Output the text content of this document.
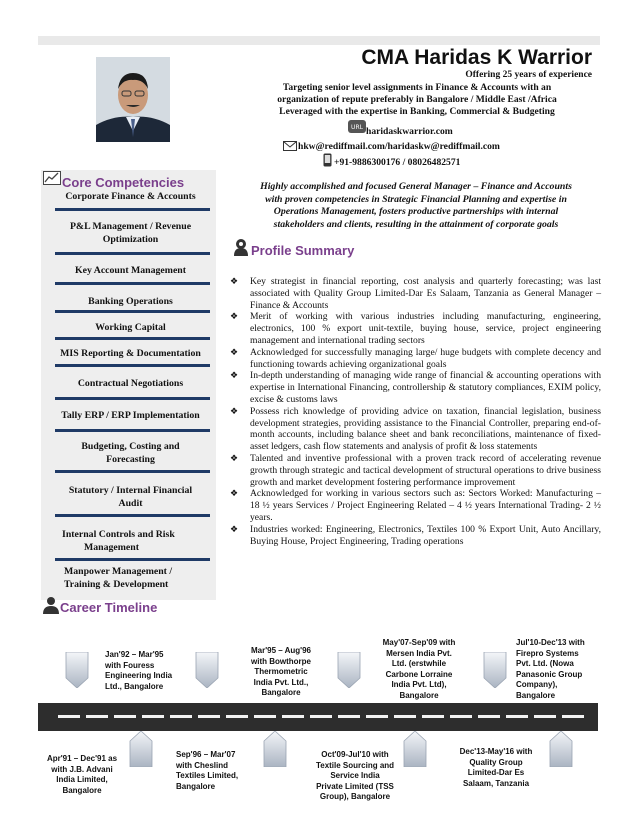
CMA Haridas K Warrior
Offering 25 years of experience
Targeting senior level assignments in Finance & Accounts with an
organization of repute preferably in Bangalore / Middle East /Africa
Leveraged with the expertise in Banking, Commercial & Budgeting
URL haridaskwarrior.com
hkw@rediffmail.com/haridaskw@rediffmail.com
+91-9886300176 / 08026482571
Core Competencies
Corporate Finance & Accounts
P&L Management / Revenue
Optimization
Key Account Management
Banking Operations
Working Capital
MIS Reporting & Documentation
Contractual Negotiations
Tally ERP / ERP Implementation
Budgeting, Costing and
Forecasting
Statutory / Internal Financial
Audit
Internal Controls and Risk
Management
Manpower Management /
Training & Development
Highly accomplished and focused General Manager – Finance and Accounts
with proven competencies in Strategic Financial Planning and expertise in
Operations Management, fosters productive partnerships with internal
stakeholders and clients, resulting in the attainment of corporate goals
Profile Summary
❖ Key strategist in financial reporting, cost analysis and quarterly forecasting; was last associated with Quality Group Limited-Dar Es Salaam, Tanzania as General Manager – Finance & Accounts
❖ Merit of working with various industries including manufacturing, engineering, electronics, 100 % export unit-textile, buying house, service, project engineering management and international trading sectors
❖ Acknowledged for successfully managing large/ huge budgets with complete decency and functioning towards achieving organizational goals
❖ In-depth understanding of managing wide range of financial & accounting operations with expertise in International Financing, controllership & statutory compliances, EXIM policy, excise & customs laws
❖ Possess rich knowledge of providing advice on taxation, financial legislation, business development strategies, providing assistance to the Financial Controller, preparing end-of-month accounts, including balance sheet and bank reconciliations, maintenance of fixed-asset ledgers, cash flow statements and analysis of profit & loss statements
❖ Talented and inventive professional with a proven track record of accelerating revenue growth through strategic and tactical development of structural operations to drive business growth and market development fostering performance improvement
❖ Acknowledged for working in various sectors such as: Sectors Worked: Manufacturing – 18 ½ years Services / Project Engineering Related – 4 ½ years International Trading- 2 ½ years.
❖ Industries worked: Engineering, Electronics, Textiles 100 % Export Unit, Auto Ancillary, Buying House, Project Engineering, Trading operations
Career Timeline
Jan'92 – Mar'95
with Fouress
Engineering India
Ltd., Bangalore
Mar'95 – Aug'96
with Bowthorpe
Thermometric
India Pvt. Ltd.,
Bangalore
May'07-Sep'09 with
Mersen India Pvt.
Ltd. (erstwhile
Carbone Lorraine
India Pvt. Ltd),
Bangalore
Jul'10-Dec'13 with
Firepro Systems
Pvt. Ltd. (Nowa
Panasonic Group
Company),
Bangalore
Apr'91 – Dec'91 as
with J.B. Advani
India Limited,
Bangalore
Sep'96 – Mar'07
with Cheslind
Textiles Limited,
Bangalore
Oct'09-Jul'10 with
Textile Sourcing and
Service India
Private Limited (TSS
Group), Bangalore
Dec'13-May'16 with
Quality Group
Limited-Dar Es
Salaam, Tanzania
